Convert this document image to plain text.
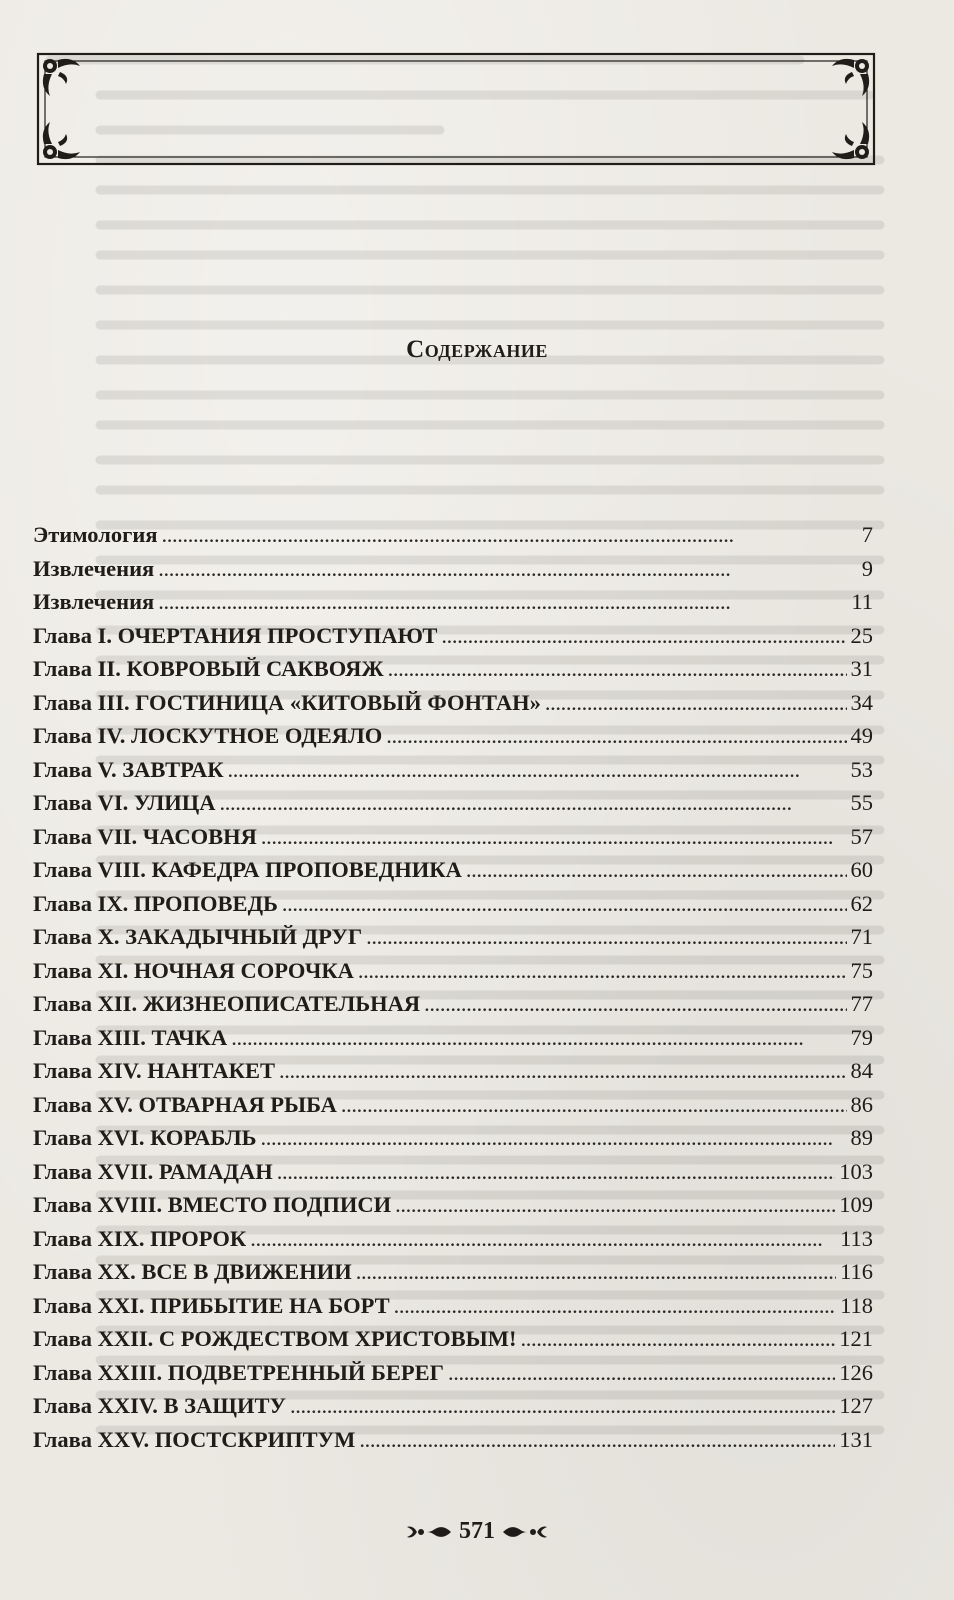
Содержание
Этимология . . .	7
Извлечения . . .	9
Извлечения . . .	11
Глава I. ОЧЕРТАНИЯ ПРОСТУПАЮТ . . .	25
Глава II. КОВРОВЫЙ САКВОЯЖ . . .	31
Глава III. ГОСТИНИЦА «КИТОВЫЙ ФОНТАН» . . .	34
Глава IV. ЛОСКУТНОЕ ОДЕЯЛО . . .	49
Глава V. ЗАВТРАК . . .	53
Глава VI. УЛИЦА . . .	55
Глава VII. ЧАСОВНЯ . . .	57
Глава VIII. КАФЕДРА ПРОПОВЕДНИКА . . .	60
Глава IX. ПРОПОВЕДЬ . . .	62
Глава X. ЗАКАДЫЧНЫЙ ДРУГ . . .	71
Глава XI. НОЧНАЯ СОРОЧКА . . .	75
Глава XII. ЖИЗНЕОПИСАТЕЛЬНАЯ . . .	77
Глава XIII. ТАЧКА . . .	79
Глава XIV. НАНТАКЕТ . . .	84
Глава XV. ОТВАРНАЯ РЫБА . . .	86
Глава XVI. КОРАБЛЬ . . .	89
Глава XVII. РАМАДАН . . .	103
Глава XVIII. ВМЕСТО ПОДПИСИ . . .	109
Глава XIX. ПРОРОК . . .	113
Глава XX. ВСЕ В ДВИЖЕНИИ . . .	116
Глава XXI. ПРИБЫТИЕ НА БОРТ . . .	118
Глава XXII. С РОЖДЕСТВОМ ХРИСТОВЫМ! . . .	121
Глава XXIII. ПОДВЕТРЕННЫЙ БЕРЕГ . . .	126
Глава XXIV. В ЗАЩИТУ . . .	127
Глава XXV. ПОСТСКРИПТУМ . . .	131
571
